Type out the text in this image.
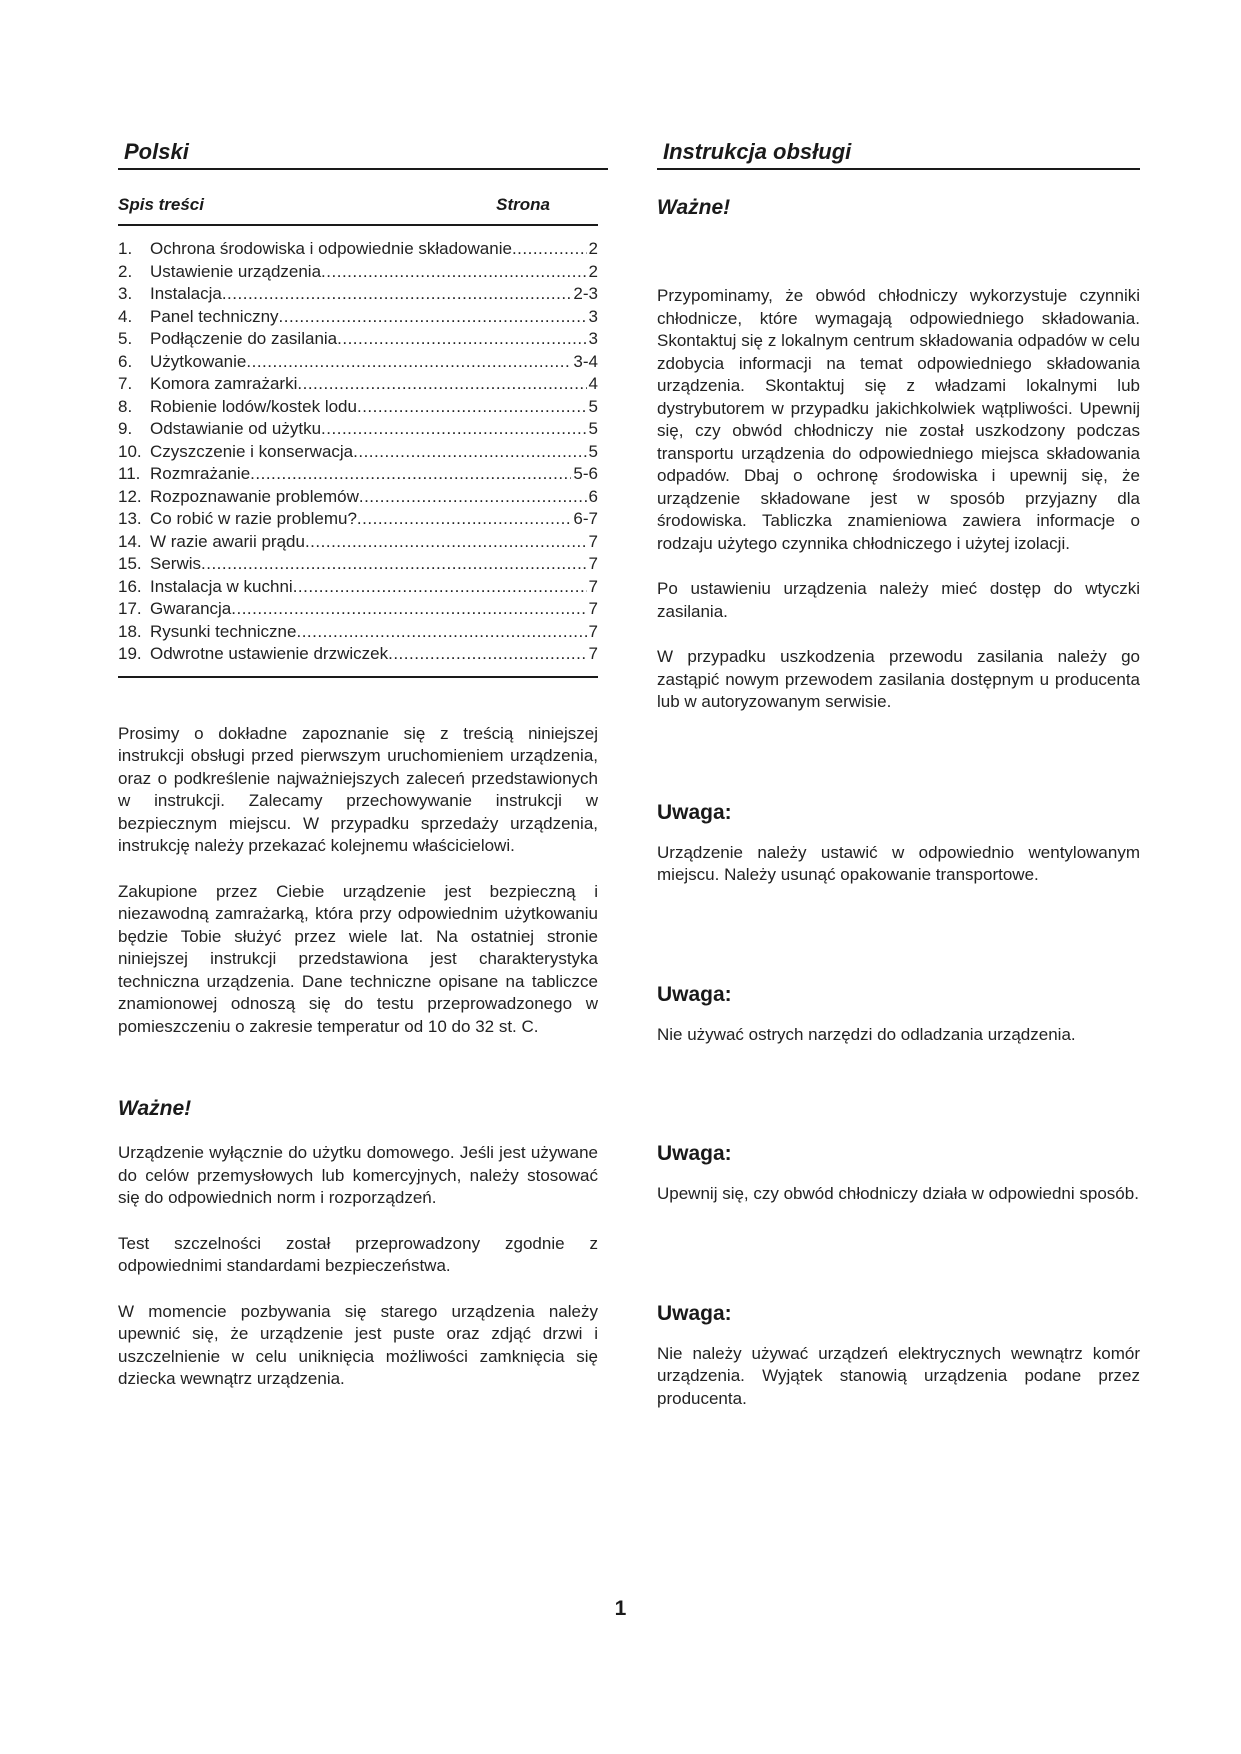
Polski
Spis treści	Strona
1.	Ochrona środowiska i odpowiednie składowanie .....	2
2.	Ustawienie urządzenia .....	2
3.	Instalacja .....	2-3
4.	Panel techniczny .....	3
5.	Podłączenie do zasilania .....	3
6.	Użytkowanie .....	3-4
7.	Komora zamrażarki .....	4
8.	Robienie lodów/kostek lodu .....	5
9.	Odstawianie od użytku .....	5
10. Czyszczenie i konserwacja .....	5
11. Rozmrażanie .....	5-6
12. Rozpoznawanie problemów .....	6
13. Co robić w razie problemu? .....	6-7
14. W razie awarii prądu .....	7
15. Serwis .....	7
16. Instalacja w kuchni .....	7
17. Gwarancja .....	7
18. Rysunki techniczne .....	7
19. Odwrotne ustawienie drzwiczek .....	7

Prosimy o dokładne zapoznanie się z treścią niniejszej instrukcji obsługi przed pierwszym uruchomieniem urządzenia, oraz o podkreślenie najważniejszych zaleceń przedstawionych w instrukcji. Zalecamy przechowywanie instrukcji w bezpiecznym miejscu. W przypadku sprzedaży urządzenia, instrukcję należy przekazać kolejnemu właścicielowi.

Zakupione przez Ciebie urządzenie jest bezpieczną i niezawodną zamrażarką, która przy odpowiednim użytkowaniu będzie Tobie służyć przez wiele lat. Na ostatniej stronie niniejszej instrukcji przedstawiona jest charakterystyka techniczna urządzenia. Dane techniczne opisane na tabliczce znamionowej odnoszą się do testu przeprowadzonego w pomieszczeniu o zakresie temperatur od 10 do 32 st. C.

Ważne!

Urządzenie wyłącznie do użytku domowego. Jeśli jest używane do celów przemysłowych lub komercyjnych, należy stosować się do odpowiednich norm i rozporządzeń.

Test szczelności został przeprowadzony zgodnie z odpowiednimi standardami bezpieczeństwa.

W momencie pozbywania się starego urządzenia należy upewnić się, że urządzenie jest puste oraz zdjąć drzwi i uszczelnienie w celu uniknięcia możliwości zamknięcia się dziecka wewnątrz urządzenia.

Instrukcja obsługi
Ważne!

Przypominamy, że obwód chłodniczy wykorzystuje czynniki chłodnicze, które wymagają odpowiedniego składowania. Skontaktuj się z lokalnym centrum składowania odpadów w celu zdobycia informacji na temat odpowiedniego składowania urządzenia. Skontaktuj się z władzami lokalnymi lub dystrybutorem w przypadku jakichkolwiek wątpliwości. Upewnij się, czy obwód chłodniczy nie został uszkodzony podczas transportu urządzenia do odpowiedniego miejsca składowania odpadów. Dbaj o ochronę środowiska i upewnij się, że urządzenie składowane jest w sposób przyjazny dla środowiska. Tabliczka znamieniowa zawiera informacje o rodzaju użytego czynnika chłodniczego i użytej izolacji.

Po ustawieniu urządzenia należy mieć dostęp do wtyczki zasilania.

W przypadku uszkodzenia przewodu zasilania należy go zastąpić nowym przewodem zasilania dostępnym u producenta lub w autoryzowanym serwisie.

Uwaga:

Urządzenie należy ustawić w odpowiednio wentylowanym miejscu. Należy usunąć opakowanie transportowe.

Uwaga:

Nie używać ostrych narzędzi do odladzania urządzenia.

Uwaga:

Upewnij się, czy obwód chłodniczy działa w odpowiedni sposób.

Uwaga:

Nie należy używać urządzeń elektrycznych wewnątrz komór urządzenia. Wyjątek stanowią urządzenia podane przez producenta.

1
